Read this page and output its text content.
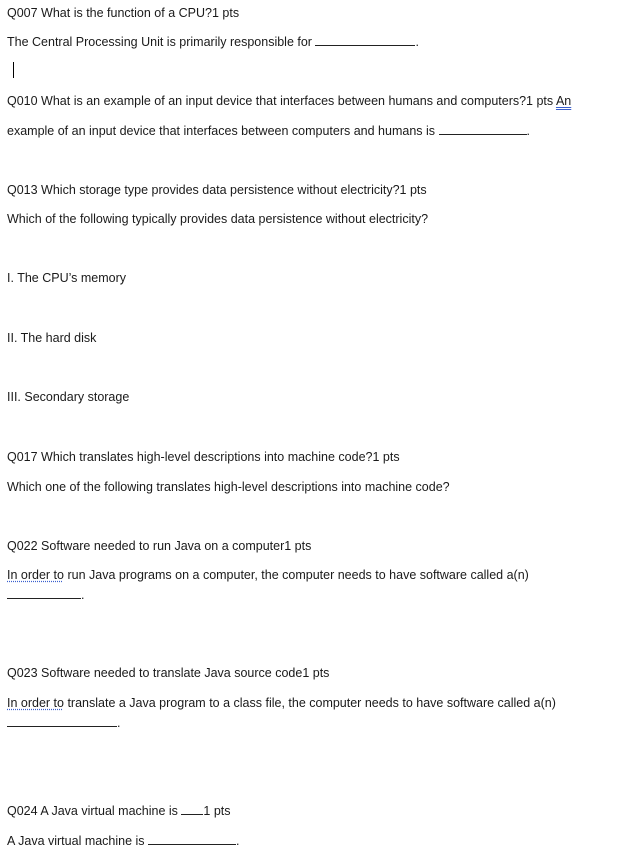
Q007 What is the function of a CPU?1 pts
The Central Processing Unit is primarily responsible for	.
Q010 What is an example of an input device that interfaces between humans and computers?1 pts An
example of an input device that interfaces between computers and humans is	.
Q013 Which storage type provides data persistence without electricity?1 pts
Which of the following typically provides data persistence without electricity?
I. The CPU’s memory
II. The hard disk
III. Secondary storage
Q017 Which translates high-level descriptions into machine code?1 pts
Which one of the following translates high-level descriptions into machine code?
Q022 Software needed to run Java on a computer1 pts
In order to run Java programs on a computer, the computer needs to have software called a(n)
.
Q023 Software needed to translate Java source code1 pts
In order to translate a Java program to a class file, the computer needs to have software called a(n)
.
Q024 A Java virtual machine is 1 pts
A Java virtual machine is	.
